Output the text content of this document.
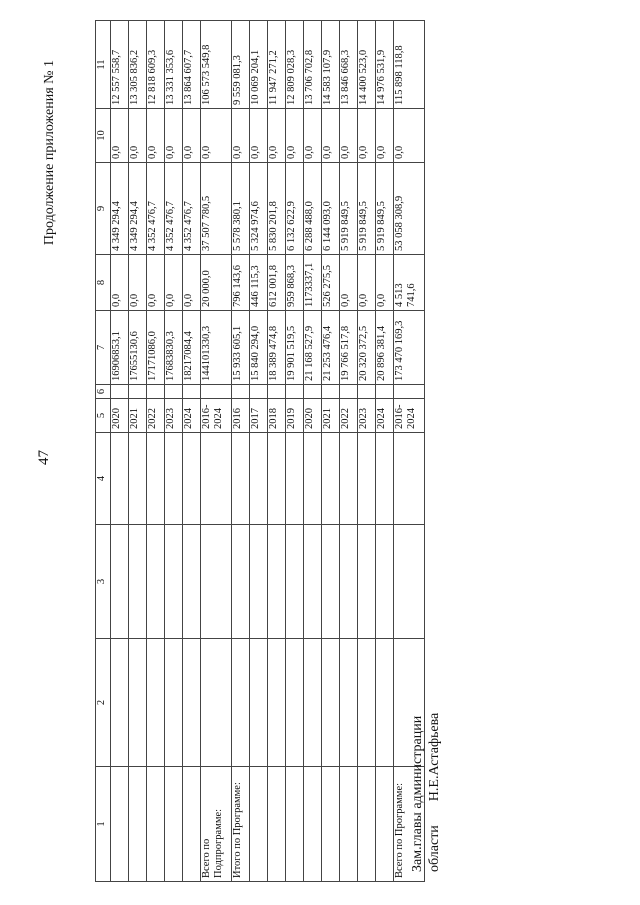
47
Продолжение приложения № 1
1	2	3	4	5	6	7	8	9	10	11
				2020		16906853,1	0,0	4 349 294,4	0,0	12 557 558,7
				2021		17655130,6	0,0	4 349 294,4	0,0	13 305 836,2
				2022		17171086,0	0,0	4 352 476,7	0,0	12 818 609,3
				2023		17683830,3	0,0	4 352 476,7	0,0	13 331 353,6
				2024		18217084,4	0,0	4 352 476,7	0,0	13 864 607,7
Всего по Подпрограмме:				2016-2024		144101330,3	20 000,0	37 507 780,5	0,0	106 573 549,8
Итого по Программе:				2016		15 933 605,1	796 143,6	5 578 380,1	0,0	9 559 081,3
				2017		15 840 294,0	446 115,3	5 324 974,6	0,0	10 069 204,1
				2018		18 389 474,8	612 001,8	5 830 201,8	0,0	11 947 271,2
				2019		19 901 519,5	959 868,3	6 132 622,9	0,0	12 809 028,3
				2020		21 168 527,9	1173337,1	6 288 488,0	0,0	13 706 702,8
				2021		21 253 476,4	526 275,5	6 144 093,0	0,0	14 583 107,9
				2022		19 766 517,8	0,0	5 919 849,5	0,0	13 846 668,3
				2023		20 320 372,5	0,0	5 919 849,5	0,0	14 400 523,0
				2024		20 896 381,4	0,0	5 919 849,5	0,0	14 976 531,9
Всего по Программе:				2016-2024		173 470 169,3	4 513 741,6	53 058 308,9	0,0	115 898 118,8
Зам.главы администрации областиН.Е.Астафьева
